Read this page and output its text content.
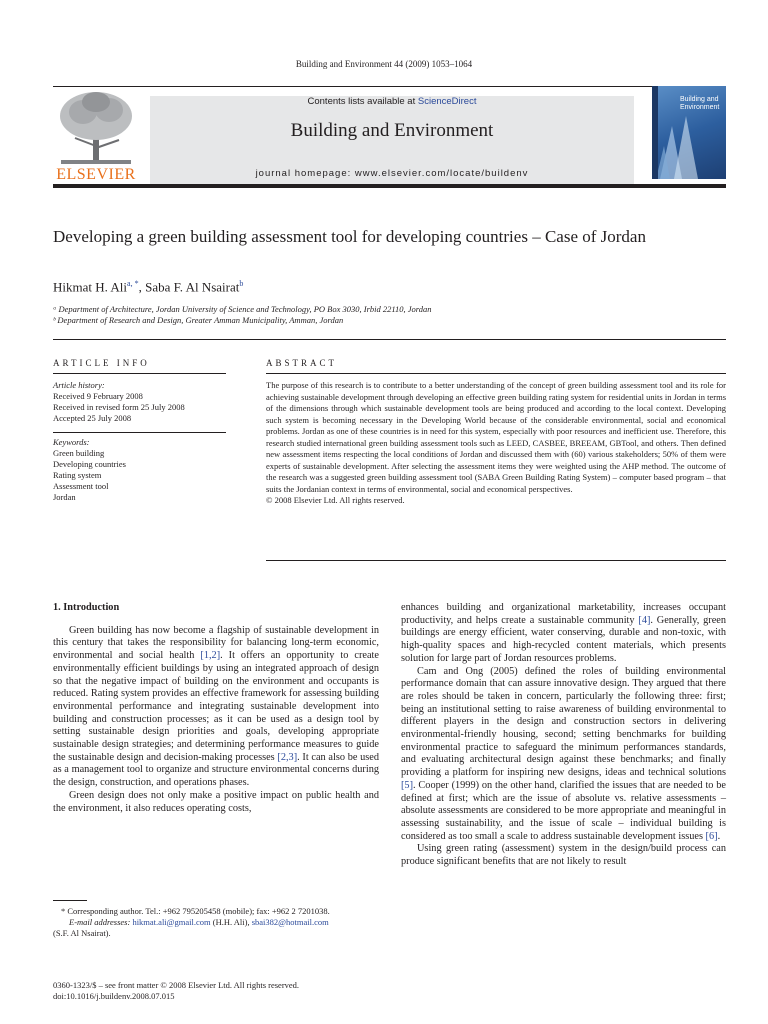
Building and Environment 44 (2009) 1053–1064
ELSEVIER
Contents lists available at ScienceDirect
Building and Environment
journal homepage: www.elsevier.com/locate/buildenv
Building and
Environment
Developing a green building assessment tool for developing countries – Case of Jordan
Hikmat H. Ali$^{a, *}$, Saba F. Al Nsairat$^b$
ᵃ Department of Architecture, Jordan University of Science and Technology, PO Box 3030, Irbid 22110, Jordan
ᵇ Department of Research and Design, Greater Amman Municipality, Amman, Jordan
ARTICLE INFO	ABSTRACT
Article history:
Received 9 February 2008
Received in revised form 25 July 2008
Accepted 25 July 2008
Keywords:
Green building
Developing countries
Rating system
Assessment tool
Jordan
The purpose of this research is to contribute to a better understanding of the concept of green building assessment tool and its role for achieving sustainable development through developing an effective green building rating system for residential units in Jordan in terms of the dimensions through which sustainable development tools are being produced and according to the local context. Developing such system is becoming necessary in the Developing World because of the considerable environmental, social and economical problems. Jordan as one of these countries is in need for this system, especially with poor resources and inefficient use. Therefore, this research studied international green building assessment tools such as LEED, CASBEE, BREEAM, GBTool, and others. Then defined new assessment items respecting the local conditions of Jordan and discussed them with (60) various stakeholders; 50% of them were experts of sustainable development. After selecting the assessment items they were weighted using the AHP method. The outcome of the research was a suggested green building assessment tool (SABA Green Building Rating System) – computer based program – that suits the Jordanian context in terms of environmental, social and economical perspectives.
© 2008 Elsevier Ltd. All rights reserved.

1. Introduction

Green building has now become a flagship of sustainable development in this century that takes the responsibility for balancing long-term economic, environmental and social health [1,2]. It offers an opportunity to create environmentally efficient buildings by using an integrated approach of design so that the negative impact of building on the environment and occupants is reduced. Rating system provides an effective framework for assessing building environmental performance and integrating sustainable development into building and construction processes; as it can be used as a design tool by setting sustainable design priorities and goals, developing appropriate sustainable design strategies; and determining performance measures to guide the sustainable design and decision-making processes [2,3]. It can also be used as a management tool to organize and structure environmental concerns during the design, construction, and operations phases.

Green design does not only make a positive impact on public health and the environment, it also reduces operating costs,

* Corresponding author. Tel.: +962 795205458 (mobile); fax: +962 2 7201038.
E-mail addresses: hikmat.ali@gmail.com (H.H. Ali), sbai382@hotmail.com
(S.F. Al Nsairat).
0360-1323/$ – see front matter © 2008 Elsevier Ltd. All rights reserved.
doi:10.1016/j.buildenv.2008.07.015

enhances building and organizational marketability, increases occupant productivity, and helps create a sustainable community [4]. Generally, green buildings are energy efficient, water conserving, durable and non-toxic, with high-quality spaces and high-recycled content materials, which presents solution for large part of Jordan resources problems.

Cam and Ong (2005) defined the roles of building environmental performance domain that can assure innovative design. They argued that there are roles should be taken in concern, particularly the following three: first; being an institutional setting to raise awareness of building environmental to different players in the design and construction sectors in delivering environmental-friendly housing, second; setting benchmarks for building environmental practice to safeguard the minimum performances standards, and evaluating architectural design against these benchmarks; and finally providing a platform for inspiring new designs, ideas and technical solutions [5]. Cooper (1999) on the other hand, clarified the issues that are needed to be defined at first; which are the issue of absolute vs. relative assessments – absolute assessments are considered to be more appropriate and meaningful in assessing sustainability, and the issue of scale – individual building is considered as too small a scale to address sustainable development issues [6].

Using green rating (assessment) system in the design/build process can produce significant benefits that are not likely to result
